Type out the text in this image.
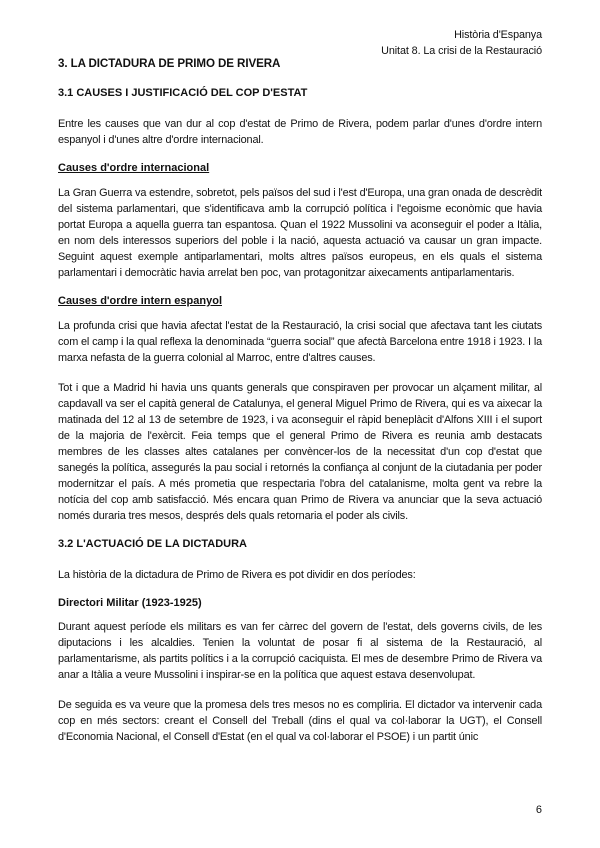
Història d'Espanya
Unitat 8. La crisi de la Restauració
3. LA DICTADURA DE PRIMO DE RIVERA
3.1 CAUSES I JUSTIFICACIÓ DEL COP D'ESTAT

Entre les causes que van dur al cop d'estat de Primo de Rivera, podem parlar d'unes d'ordre intern espanyol i d'unes altre d'ordre internacional.

Causes d'ordre internacional

La Gran Guerra va estendre, sobretot, pels països del sud i l'est d'Europa, una gran onada de descrèdit del sistema parlamentari, que s'identificava amb la corrupció política i l'egoisme econòmic que havia portat Europa a aquella guerra tan espantosa. Quan el 1922 Mussolini va aconseguir el poder a Itàlia, en nom dels interessos superiors del poble i la nació, aquesta actuació va causar un gran impacte. Seguint aquest exemple antiparlamentari, molts altres països europeus, en els quals el sistema parlamentari i democràtic havia arrelat ben poc, van protagonitzar aixecaments antiparlamentaris.

Causes d'ordre intern espanyol

La profunda crisi que havia afectat l'estat de la Restauració, la crisi social que afectava tant les ciutats com el camp i la qual reflexa la denominada “guerra social” que afectà Barcelona entre 1918 i 1923. I la marxa nefasta de la guerra colonial al Marroc, entre d'altres causes.

Tot i que a Madrid hi havia uns quants generals que conspiraven per provocar un alçament militar, al capdavall va ser el capità general de Catalunya, el general Miguel Primo de Rivera, qui es va aixecar la matinada del 12 al 13 de setembre de 1923, i va aconseguir el ràpid beneplàcit d'Alfons XIII i el suport de la majoria de l'exèrcit. Feia temps que el general Primo de Rivera es reunia amb destacats membres de les classes altes catalanes per convèncer-los de la necessitat d'un cop d'estat que sanegés la política, assegurés la pau social i retornés la confiança al conjunt de la ciutadania per poder modernitzar el país. A més prometia que respectaria l'obra del catalanisme, molta gent va rebre la notícia del cop amb satisfacció. Més encara quan Primo de Rivera va anunciar que la seva actuació només duraria tres mesos, després dels quals retornaria el poder als civils.

3.2 L'ACTUACIÓ DE LA DICTADURA

La història de la dictadura de Primo de Rivera es pot dividir en dos períodes:

Directori Militar (1923-1925)

Durant aquest període els militars es van fer càrrec del govern de l'estat, dels governs civils, de les diputacions i les alcaldies. Tenien la voluntat de posar fi al sistema de la Restauració, al parlamentarisme, als partits polítics i a la corrupció caciquista. El mes de desembre Primo de Rivera va anar a Itàlia a veure Mussolini i inspirar-se en la política que aquest estava desenvolupat.

De seguida es va veure que la promesa dels tres mesos no es compliria. El dictador va intervenir cada cop en més sectors: creant el Consell del Treball (dins el qual va col·laborar la UGT), el Consell d'Economia Nacional, el Consell d'Estat (en el qual va col·laborar el PSOE) i un partit únic

6
